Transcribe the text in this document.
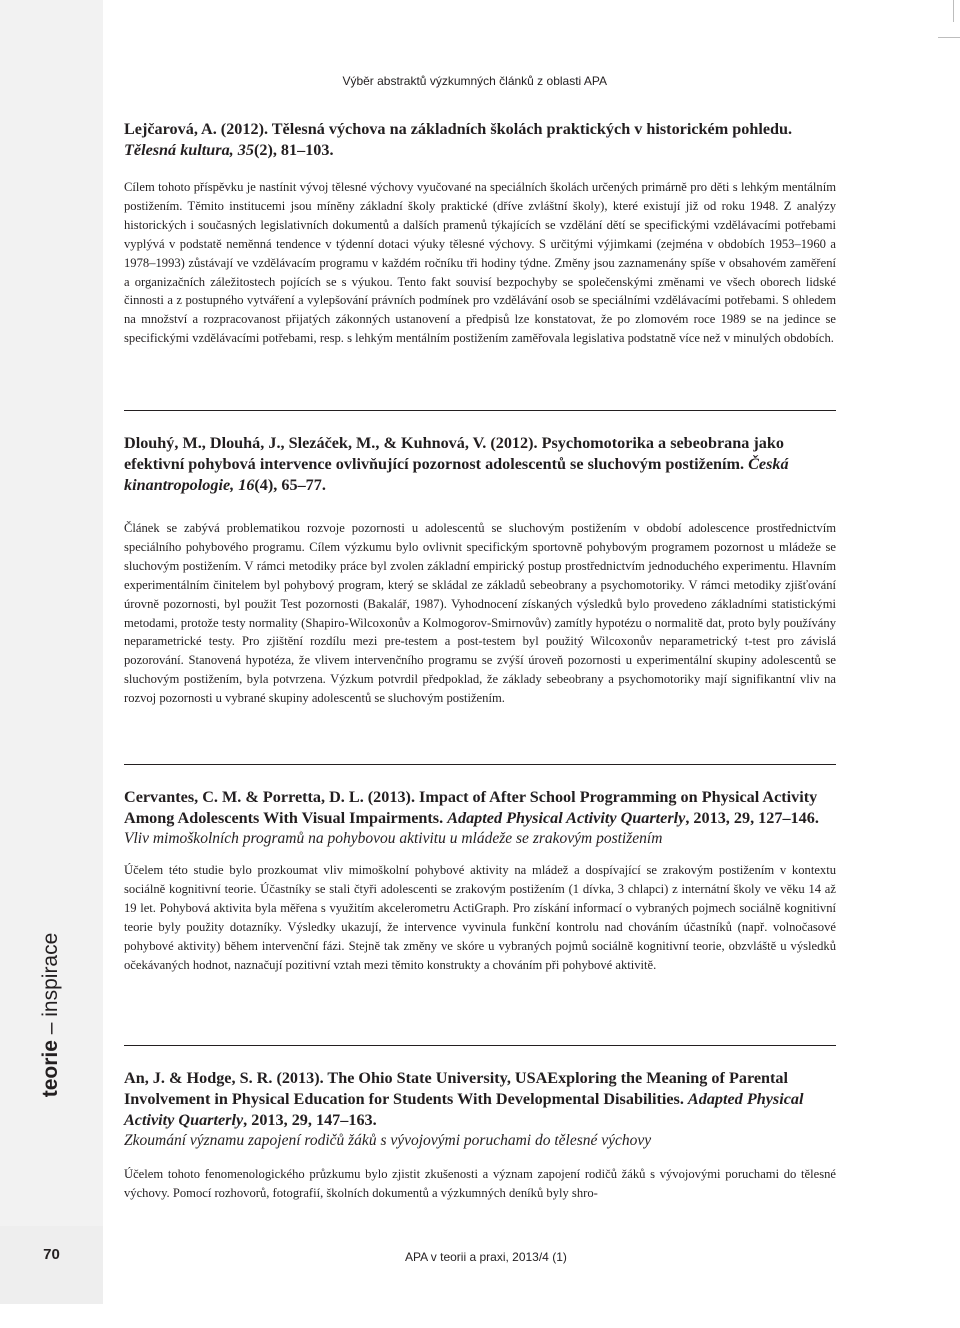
teorie – inspirace
70
Výběr abstraktů výzkumných článků z oblasti APA

Lejčarová, A. (2012). Tělesná výchova na základních školách praktických v historickém pohledu. Tělesná kultura, 35(2), 81–103.

Cílem tohoto příspěvku je nastínit vývoj tělesné výchovy vyučované na speciálních školách určených primárně pro děti s lehkým mentálním postižením. Těmito institucemi jsou míněny základní školy praktické (dříve zvláštní školy), které existují již od roku 1948. Z analýzy historických i současných legislativních dokumentů a dalších pramenů týkajících se vzdělání dětí se specifickými vzdělávacími potřebami vyplývá v podstatě neměnná tendence v týdenní dotaci výuky tělesné výchovy. S určitými výjimkami (zejména v obdobích 1953–1960 a 1978–1993) zůstávají ve vzdělávacím programu v každém ročníku tři hodiny týdne. Změny jsou zaznamenány spíše v obsahovém zaměření a organizačních záležitostech pojících se s výukou. Tento fakt souvisí bezpochyby se společenskými změnami ve všech oborech lidské činnosti a z postupného vytváření a vylepšování právních podmínek pro vzdělávání osob se speciálními vzdělávacími potřebami. S ohledem na množství a rozpracovanost přijatých zákonných ustanovení a předpisů lze konstatovat, že po zlomovém roce 1989 se na jedince se specifickými vzdělávacími potřebami, resp. s lehkým mentálním postižením zaměřovala legislativa podstatně více než v minulých obdobích.

Dlouhý, M., Dlouhá, J., Slezáček, M., & Kuhnová, V. (2012). Psychomotorika a sebeobrana jako efektivní pohybová intervence ovlivňující pozornost adolescentů se sluchovým postižením. Česká kinantropologie, 16(4), 65–77.

Článek se zabývá problematikou rozvoje pozornosti u adolescentů se sluchovým postižením v období adolescence prostřednictvím speciálního pohybového programu. Cílem výzkumu bylo ovlivnit specifickým sportovně pohybovým programem pozornost u mládeže se sluchovým postižením. V rámci metodiky práce byl zvolen základní empirický postup prostřednictvím jednoduchého experimentu. Hlavním experimentálním činitelem byl pohybový program, který se skládal ze základů sebeobrany a psychomotoriky. V rámci metodiky zjišťování úrovně pozornosti, byl použit Test pozornosti (Bakalář, 1987). Vyhodnocení získaných výsledků bylo provedeno základními statistickými metodami, protože testy normality (Shapiro-Wilcoxonův a Kolmogorov-Smirnovův) zamítly hypotézu o normalitě dat, proto byly používány neparametrické testy. Pro zjištění rozdílu mezi pre-testem a post-testem byl použitý Wilcoxonův neparametrický t-test pro závislá pozorování. Stanovená hypotéza, že vlivem intervenčního programu se zvýší úroveň pozornosti u experimentální skupiny adolescentů se sluchovým postižením, byla potvrzena. Výzkum potvrdil předpoklad, že základy sebeobrany a psychomotoriky mají signifikantní vliv na rozvoj pozornosti u vybrané skupiny adolescentů se sluchovým postižením.

Cervantes, C. M. & Porretta, D. L. (2013). Impact of After School Programming on Physical Activity Among Adolescents With Visual Impairments. Adapted Physical Activity Quarterly, 2013, 29, 127–146.

Vliv mimoškolních programů na pohybovou aktivitu u mládeže se zrakovým postižením

Účelem této studie bylo prozkoumat vliv mimoškolní pohybové aktivity na mládež a dospívající se zrakovým postižením v kontextu sociálně kognitivní teorie. Účastníky se stali čtyři adolescenti se zrakovým postižením (1 dívka, 3 chlapci) z internátní školy ve věku 14 až 19 let. Pohybová aktivita byla měřena s využitím akcelerometru ActiGraph. Pro získání informací o vybraných pojmech sociálně kognitivní teorie byly použity dotazníky. Výsledky ukazují, že intervence vyvinula funkční kontrolu nad chováním účastníků (např. volnočasové pohybové aktivity) během intervenční fázi. Stejně tak změny ve skóre u vybraných pojmů sociálně kognitivní teorie, obzvláště u výsledků očekávaných hodnot, naznačují pozitivní vztah mezi těmito konstrukty a chováním při pohybové aktivitě.

An, J. & Hodge, S. R. (2013). The Ohio State University, USAExploring the Meaning of Parental Involvement in Physical Education for Students With Developmental Disabilities. Adapted Physical Activity Quarterly, 2013, 29, 147–163.

Zkoumání významu zapojení rodičů žáků s vývojovými poruchami do tělesné výchovy

Účelem tohoto fenomenologického průzkumu bylo zjistit zkušenosti a význam zapojení rodičů žáků s vývojovými poruchami do tělesné výchovy. Pomocí rozhovorů, fotografií, školních dokumentů a výzkumných deníků byly shro-

APA v teorii a praxi, 2013/4 (1)
